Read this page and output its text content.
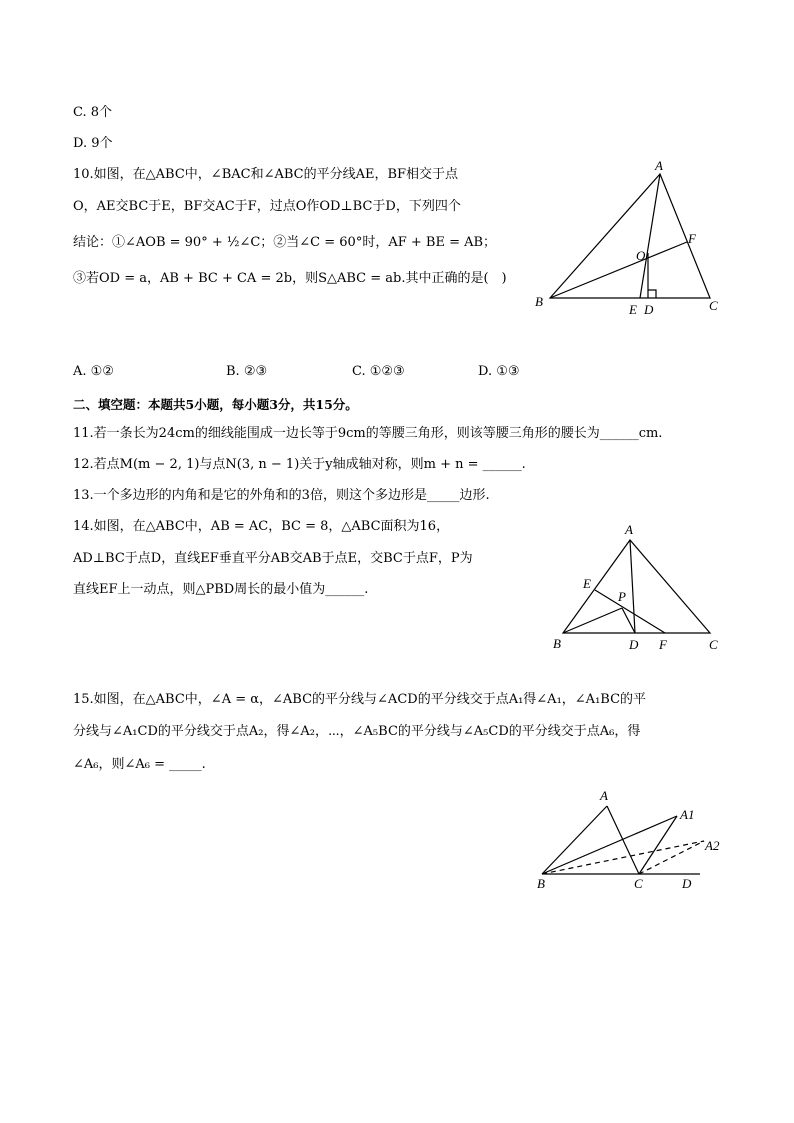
C. 8个
D. 9个
10.如图，在△ABC中，∠BAC和∠ABC的平分线AE，BF相交于点
O，AE交BC于E，BF交AC于F，过点O作OD⊥BC于D，下列四个
结论：①∠AOB = 90° + ½∠C；②当∠C = 60°时，AF + BE = AB；
③若OD = a，AB + BC + CA = 2b，则S△ABC = ab.其中正确的是(　)
A
B	C
O
F
E D
A. ①②	B. ②③	C. ①②③	D. ①③
二、填空题：本题共5小题，每小题3分，共15分。
11.若一条长为24cm的细线能围成一边长等于9cm的等腰三角形，则该等腰三角形的腰长为______cm.
12.若点M(m − 2, 1)与点N(3, n − 1)关于y轴成轴对称，则m + n = ______.
13.一个多边形的内角和是它的外角和的3倍，则这个多边形是_____边形.
14.如图，在△ABC中，AB = AC，BC = 8，△ABC面积为16，
AD⊥BC于点D，直线EF垂直平分AB交AB于点E，交BC于点F，P为
直线EF上一动点，则△PBD周长的最小值为______.
A
B	C
D
E
F
P
15.如图，在△ABC中，∠A = α，∠ABC的平分线与∠ACD的平分线交于点A₁得∠A₁，∠A₁BC的平
分线与∠A₁CD的平分线交于点A₂，得∠A₂，⋯，∠A₅BC的平分线与∠A₅CD的平分线交于点A₆，得
∠A₆，则∠A₆ = _____.
A
A1
A2
B	C	D
